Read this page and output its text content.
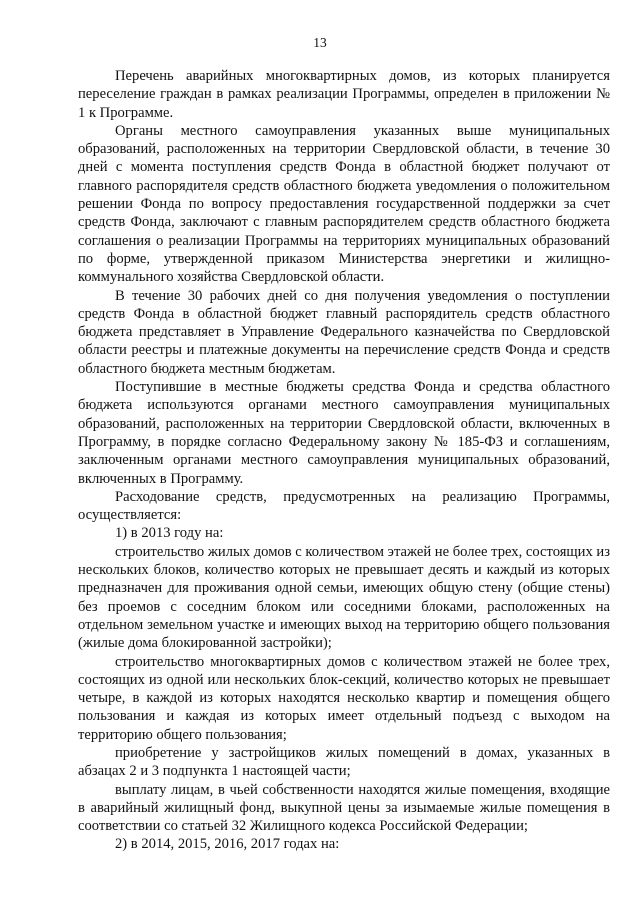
13

Перечень аварийных многоквартирных домов, из которых планируется переселение граждан в рамках реализации Программы, определен в приложении № 1 к Программе.

Органы местного самоуправления указанных выше муниципальных образований, расположенных на территории Свердловской области, в течение 30 дней с момента поступления средств Фонда в областной бюджет получают от главного распорядителя средств областного бюджета уведомления о положительном решении Фонда по вопросу предоставления государственной поддержки за счет средств Фонда, заключают с главным распорядителем средств областного бюджета соглашения о реализации Программы на территориях муниципальных образований по форме, утвержденной приказом Министерства энергетики и жилищно-коммунального хозяйства Свердловской области.

В течение 30 рабочих дней со дня получения уведомления о поступлении средств Фонда в областной бюджет главный распорядитель средств областного бюджета представляет в Управление Федерального казначейства по Свердловской области реестры и платежные документы на перечисление средств Фонда и средств областного бюджета местным бюджетам.

Поступившие в местные бюджеты средства Фонда и средства областного бюджета используются органами местного самоуправления муниципальных образований, расположенных на территории Свердловской области, включенных в Программу, в порядке согласно Федеральному закону № 185-ФЗ и соглашениям, заключенным органами местного самоуправления муниципальных образований, включенных в Программу.

Расходование средств, предусмотренных на реализацию Программы, осуществляется:

1) в 2013 году на:

строительство жилых домов с количеством этажей не более трех, состоящих из нескольких блоков, количество которых не превышает десять и каждый из которых предназначен для проживания одной семьи, имеющих общую стену (общие стены) без проемов с соседним блоком или соседними блоками, расположенных на отдельном земельном участке и имеющих выход на территорию общего пользования (жилые дома блокированной застройки);

строительство многоквартирных домов с количеством этажей не более трех, состоящих из одной или нескольких блок-секций, количество которых не превышает четыре, в каждой из которых находятся несколько квартир и помещения общего пользования и каждая из которых имеет отдельный подъезд с выходом на территорию общего пользования;

приобретение у застройщиков жилых помещений в домах, указанных в абзацах 2 и 3 подпункта 1 настоящей части;

выплату лицам, в чьей собственности находятся жилые помещения, входящие в аварийный жилищный фонд, выкупной цены за изымаемые жилые помещения в соответствии со статьей 32 Жилищного кодекса Российской Федерации;

2) в 2014, 2015, 2016, 2017 годах на:
